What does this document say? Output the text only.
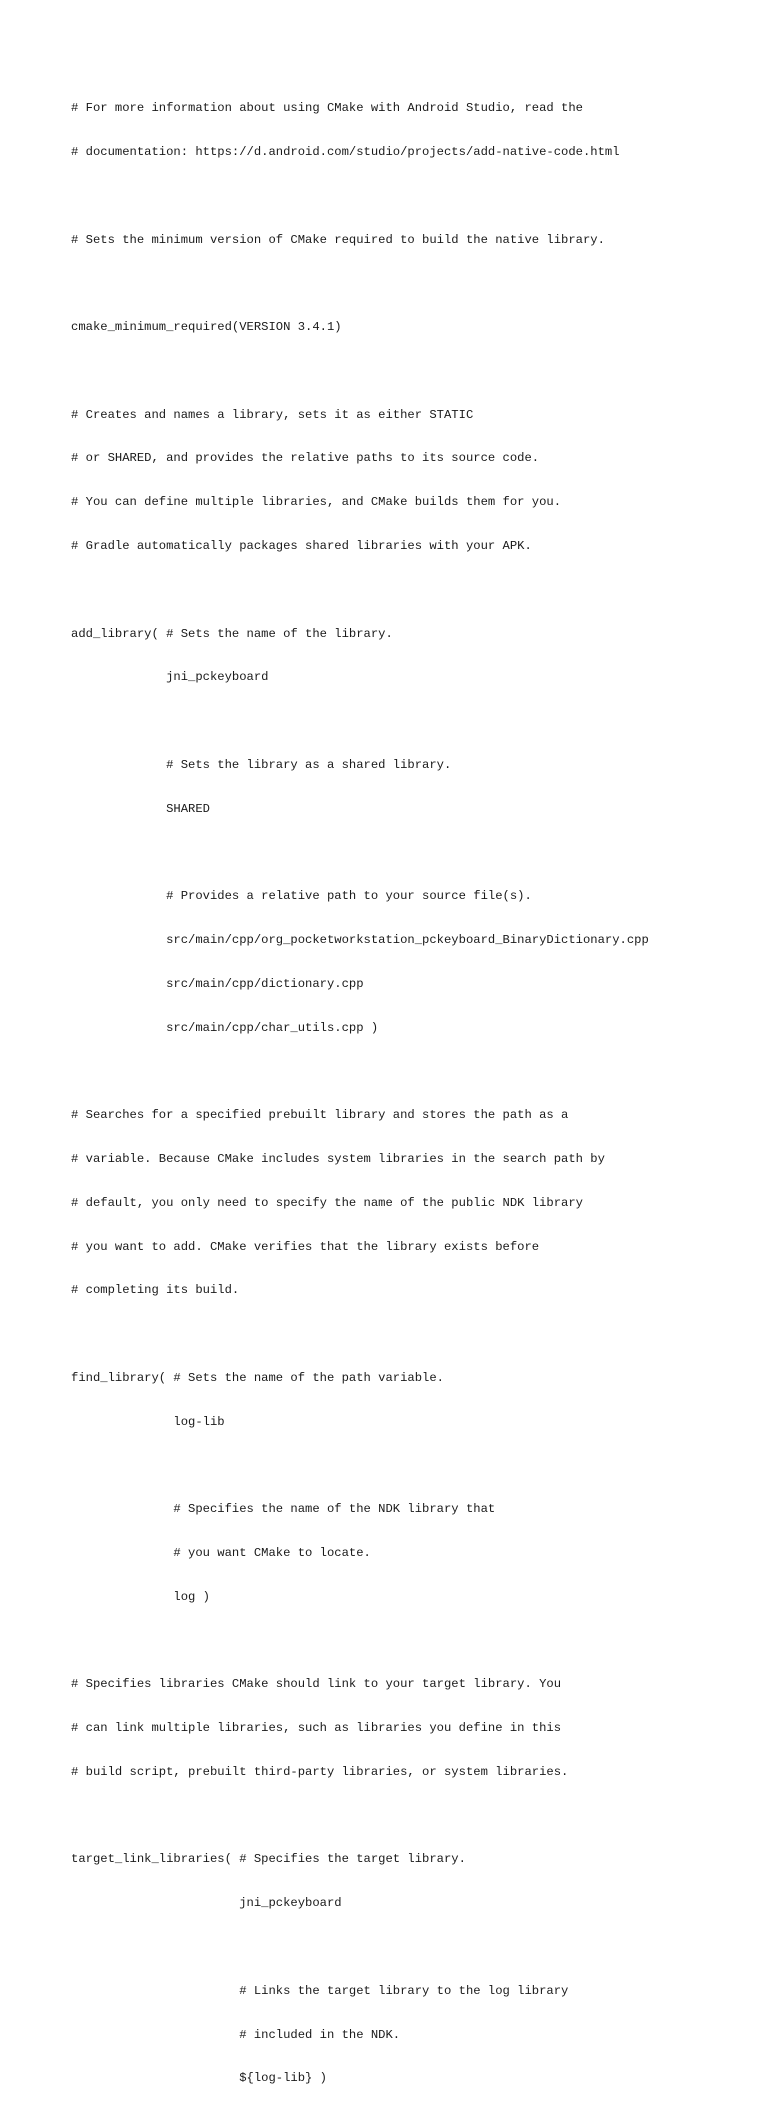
# For more information about using CMake with Android Studio, read the

# documentation: https://d.android.com/studio/projects/add-native-code.html

# Sets the minimum version of CMake required to build the native library.

cmake_minimum_required(VERSION 3.4.1)

# Creates and names a library, sets it as either STATIC

# or SHARED, and provides the relative paths to its source code.

# You can define multiple libraries, and CMake builds them for you.

# Gradle automatically packages shared libraries with your APK.

add_library( # Sets the name of the library.

jni_pckeyboard

# Sets the library as a shared library.

SHARED

# Provides a relative path to your source file(s).

src/main/cpp/org_pocketworkstation_pckeyboard_BinaryDictionary.cpp

src/main/cpp/dictionary.cpp

src/main/cpp/char_utils.cpp )

# Searches for a specified prebuilt library and stores the path as a

# variable. Because CMake includes system libraries in the search path by

# default, you only need to specify the name of the public NDK library

# you want to add. CMake verifies that the library exists before

# completing its build.

find_library( # Sets the name of the path variable.

log-lib

# Specifies the name of the NDK library that

# you want CMake to locate.

log )

# Specifies libraries CMake should link to your target library. You

# can link multiple libraries, such as libraries you define in this

# build script, prebuilt third-party libraries, or system libraries.

target_link_libraries( # Specifies the target library.

jni_pckeyboard

# Links the target library to the log library

# included in the NDK.

${log-lib} )
